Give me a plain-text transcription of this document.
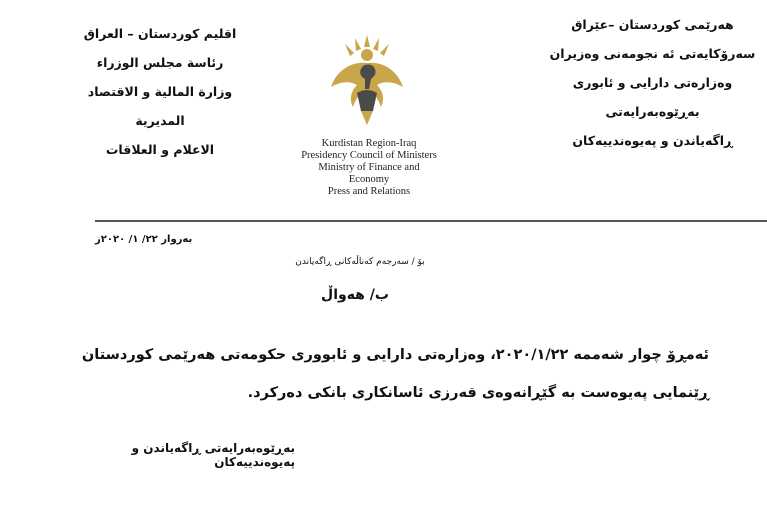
اقليم كوردستان – العراق
رئاسة مجلس الوزراء
وزارة المالية و الاقتصاد
المديرية
الاعلام و العلاقات
هەرێمی کوردستان –عێراق
سەرۆکایەتی ئه نجومەنی وەزیران
وەزارەتی دارایی و ئابوری
بەڕێوەبەرایەتی
ڕاگەیاندن و پەیوەندییەکان
Kurdistan Region-Iraq
Presidency Council of Ministers
Ministry of Finance and
Economy
Press and Relations
بەروار ٢٢/ ١/ ٢٠٢٠ز
بۆ / سەرجەم کەناڵەکانی ڕاگەیاندن
ب/ هەواڵ
ئەمڕۆ چوار شەممە ٢٠٢٠/١/٢٢، وەزارەتی دارایی و ئابووری حکومەتی هەرێمی کوردستان
ڕێنمایی پەیوەست بە گێڕانەوەی قەرزی ئاسانکاری بانکی دەرکرد.
بەڕێوەبەرایەتی ڕاگەیاندن و پەیوەندییەکان
